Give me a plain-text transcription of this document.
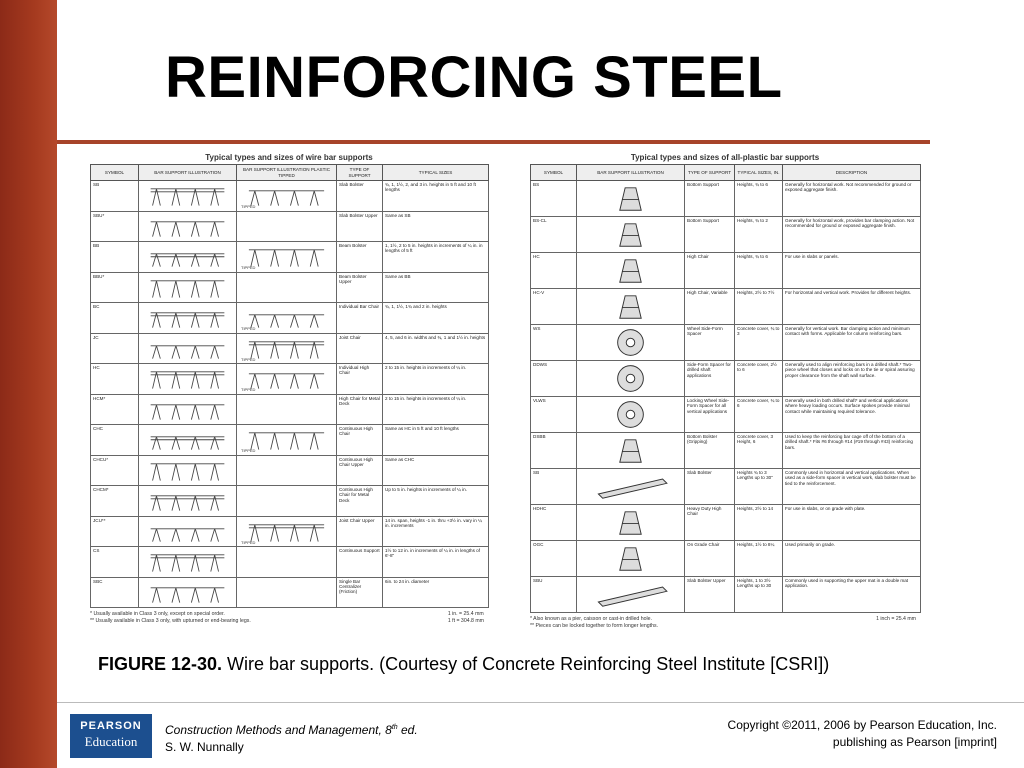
REINFORCING STEEL
Typical types and sizes of wire bar supports
SYMBOL	BAR SUPPORT ILLUSTRATION	BAR SUPPORT ILLUSTRATION PLASTIC TIPPED	TYPE OF SUPPORT	TYPICAL SIZES
SB		TIPPED	Slab Bolster	¾, 1, 1½, 2, and 3 in. heights in 5 ft and 10 ft lengths
SBU*			Slab Bolster Upper	Same as SB
BB		TIPPED	Beam Bolster	1, 1½, 2 to 5 in. heights in increments of ¼ in. in lengths of 5 ft
BBU*			Beam Bolster Upper	Same as BB
BC		TIPPED	Individual Bar Chair	¾, 1, 1½, 1¾ and 2 in. heights
JC		TIPPED	Joist Chair	4, 5, and 6 in. widths and ¾, 1 and 1½ in. heights
HC		TIPPED	Individual High Chair	2 to 15 in. heights in increments of ¼ in.
HCM*			High Chair for Metal Deck	2 to 15 in. heights in increments of ¼ in.
CHC		TIPPED	Continuous High Chair	Same as HC in 5 ft and 10 ft lengths
CHCU*			Continuous High Chair Upper	Same as CHC
CHCM*			Continuous High Chair for Metal Deck	Up to 5 in. heights in increments of ¼ in.
JCU**		TIPPED	Joist Chair Upper	14 in. span, heights -1 in. thru +3½ in. vary in ¼ in. increments
CS			Continuous Support	1½ to 12 in. in increments of ¼ in. in lengths of 6'-8"
SBC			Single Bar Centralizer (Friction)	6in. to 24 in. diameter
* Usually available in Class 3 only, except on special order.
** Usually available in Class 3 only, with upturned or end-bearing legs.
1 in. = 25.4 mm
1 ft = 304.8 mm
Typical types and sizes of all-plastic bar supports
SYMBOL	BAR SUPPORT ILLUSTRATION	TYPE OF SUPPORT	TYPICAL SIZES, IN.	DESCRIPTION
BS		Bottom Support	Heights, ¾ to 6	Generally for horizontal work. Not recommended for ground or exposed aggregate finish.
BS-CL		Bottom Support	Heights, ¾ to 2	Generally for horizontal work, provides bar clamping action. Not recommended for ground or exposed aggregate finish.
HC		High Chair	Heights, ¾ to 6	For use in slabs or panels.
HC-V		High Chair, Variable	Heights, 2½ to 7½	For horizontal and vertical work. Provides for different heights.
WS		Wheel Side-Form Spacer	Concrete cover, ¾ to 3	Generally for vertical work. Bar clamping action and minimum contact with forms. Applicable for column reinforcing bars.
DDWS		Side-Form Spacer for drilled shaft applications	Concrete cover, 2½ to 6	Generally used to align reinforcing bars in a drilled shaft.* Two-piece wheel that closes and locks on to the tie or spiral assuring proper clearance from the shaft wall surface.
VLWS		Locking Wheel Side-Form Spacer for all vertical applications	Concrete cover, ¾ to 6	Generally used in both drilled shaft* and vertical applications where heavy loading occurs. Surface spokes provide minimal contact while maintaining required tolerance.
DSBB		Bottom Bolster (Gripping)	Concrete cover, 3 Height, 6	Used to keep the reinforcing bar cage off of the bottom of a drilled shaft.* Fits #6 through #14 (#19 through #43) reinforcing bars.
SB		Slab Bolster	Heights ¾ to 3 Lengths up to 30"	Commonly used in horizontal and vertical applications. When used as a side-form spacer in vertical work, slab bolster must be tied to the reinforcement.
HDHC		Heavy Duty High Chair	Heights, 2½ to 14	For use in slabs, or on grade with plate.
OGC		On Grade Chair	Heights, 1½ to 8¼	Used primarily on grade.
SBU		Slab Bolster Upper	Heights, 1 to 3½ Lengths up to 30	Commonly used in supporting the upper mat in a double mat application.
* Also known as a pier, caisson or cast-in drilled hole.
** Pieces can be locked together to form longer lengths.
1 inch = 25.4 mm
FIGURE 12-30. Wire bar supports. (Courtesy of Concrete Reinforcing Steel Institute [CSRI])
PEARSON
Education
Construction Methods and Management, 8th ed.
S. W. Nunnally
Copyright ©2011, 2006 by Pearson Education, Inc.
publishing as Pearson [imprint]
